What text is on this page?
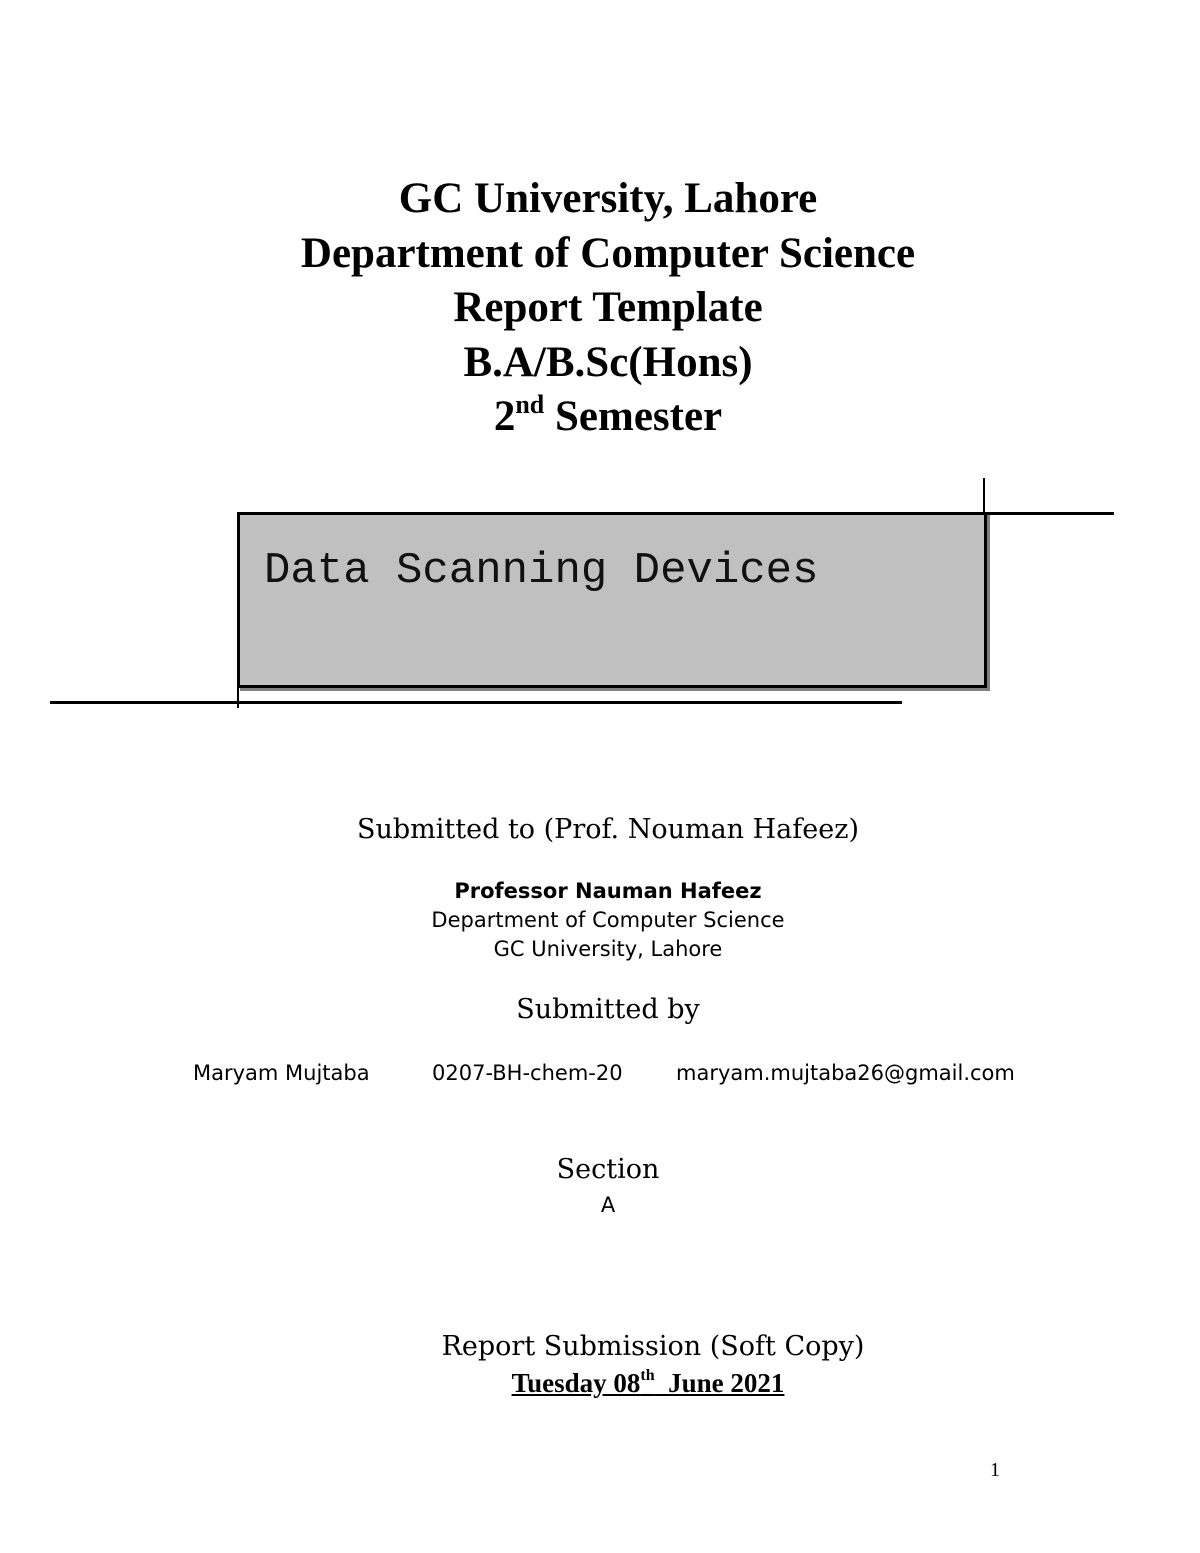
GC University, Lahore
Department of Computer Science
Report Template
B.A/B.Sc(Hons)
2nd Semester
Data Scanning Devices
Submitted to (Prof. Nouman Hafeez)
Professor Nauman Hafeez
Department of Computer Science
GC University, Lahore
Submitted by
Maryam Mujtaba	0207-BH-chem-20	maryam.mujtaba26@gmail.com
Section
A
Report Submission (Soft Copy)
Tuesday 08th  June 2021
1
